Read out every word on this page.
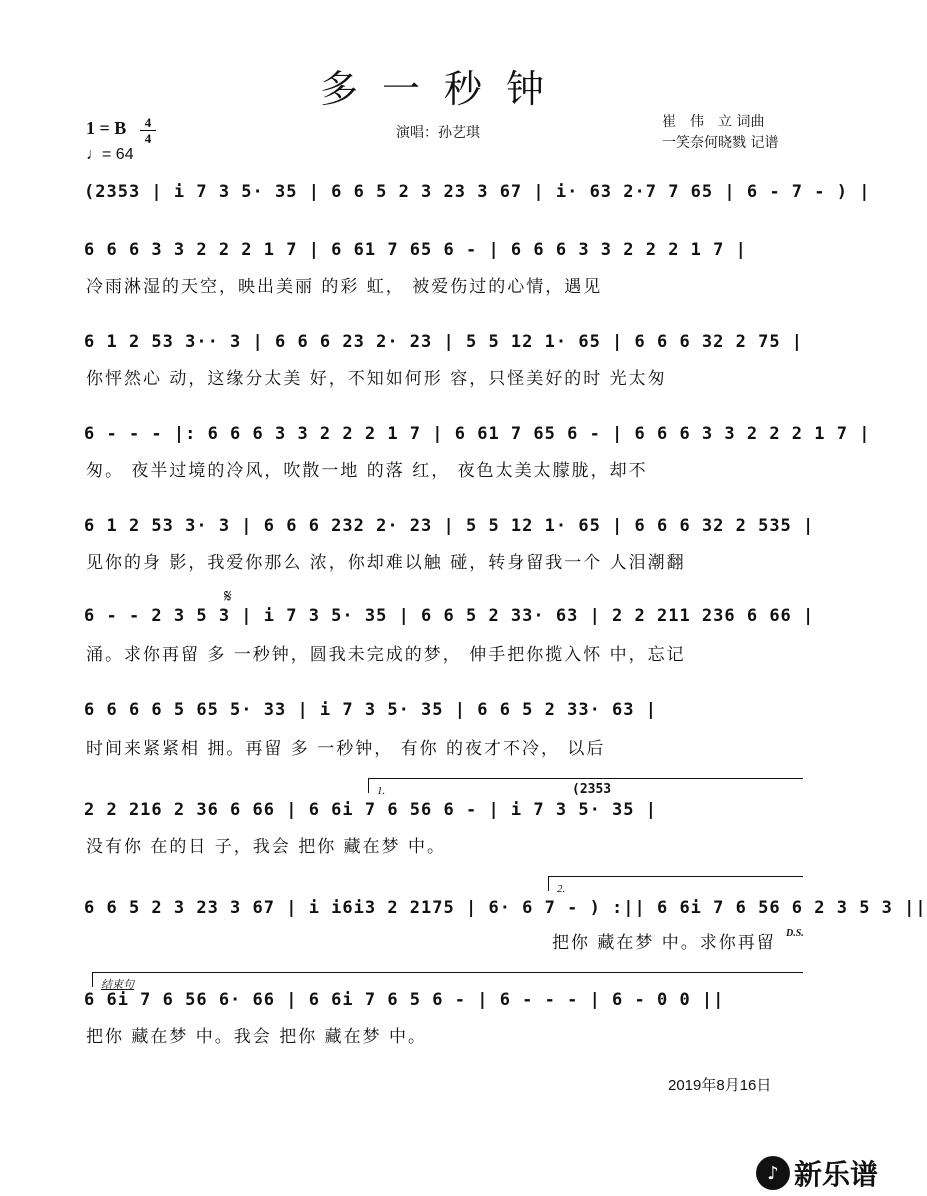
多一秒钟
1 = B	4
4
♩= 64
演唱：孙艺琪
崔　伟　立 词曲
一笑奈何晓戮 记谱
(2353 | i 7 3 5· 35 | 6 6 5 2 3 23 3 67 | i· 63 2·7 7 65 | 6 - 7 - ) |
6 6 6 3 3 2 2 2 1 7 | 6 61 7 65 6 - | 6 6 6 3 3 2 2 2 1 7 |
冷雨淋湿的天空，映出美丽 的彩 虹， 被爱伤过的心情，遇见
6 1 2 53 3·· 3 | 6 6 6 23 2· 23 | 5 5 12 1· 65 | 6 6 6 32 2 75 |
你怦然心 动，这缘分太美 好，不知如何形 容，只怪美好的时 光太匆
6 - - - |: 6 6 6 3 3 2 2 2 1 7 | 6 61 7 65 6 - | 6 6 6 3 3 2 2 2 1 7 |
匆。 夜半过境的冷风，吹散一地 的落 红， 夜色太美太朦胧，却不
6 1 2 53 3· 3 | 6 6 6 232 2· 23 | 5 5 12 1· 65 | 6 6 6 32 2 535 |
见你的身 影，我爱你那么 浓，你却难以触 碰，转身留我一个 人泪潮翻
𝄋
6 - - 2 3 5 3 | i 7 3 5· 35 | 6 6 5 2 33· 63 | 2 2 211 236 6 66 |
涌。求你再留 多 一秒钟，圆我未完成的梦， 伸手把你揽入怀 中，忘记
6 6 6 6 5 65 5· 33 | i 7 3 5· 35 | 6 6 5 2 33· 63 |
时间来紧紧相 拥。再留 多 一秒钟， 有你 的夜才不冷， 以后
1.	(2353
2 2 216 2 36 6 66 | 6 6i 7 6 56 6 - | i 7 3 5· 35 |
没有你 在的日 子，我会 把你 藏在梦 中。
2.
6 6 5 2 3 23 3 67 | i i6i3 2 2175 | 6· 6 7 - ) :|| 6 6i 7 6 56 6 2 3 5 3 ||
把你 藏在梦 中。求你再留	D.S.
结束句
6 6i 7 6 56 6· 66 | 6 6i 7 6 5 6 - | 6 - - - | 6 - 0 0 ||
把你 藏在梦 中。我会 把你 藏在梦 中。
2019年8月16日
♪ 新乐谱
